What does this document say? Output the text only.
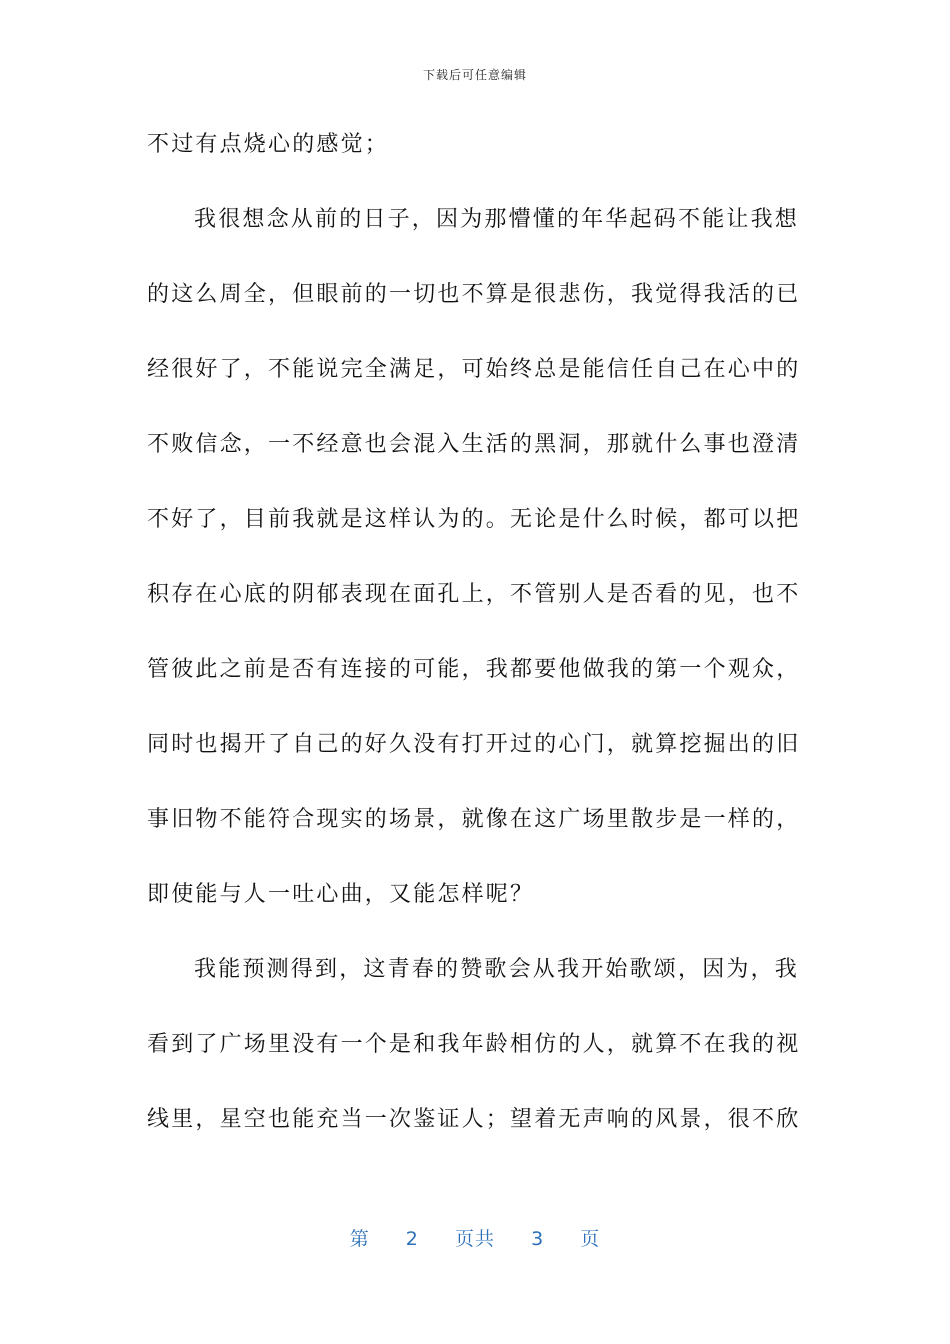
下载后可任意编辑
不过有点烧心的感觉；
我很想念从前的日子，因为那懵懂的年华起码不能让我想
的这么周全，但眼前的一切也不算是很悲伤，我觉得我活的已
经很好了，不能说完全满足，可始终总是能信任自己在心中的
不败信念，一不经意也会混入生活的黑洞，那就什么事也澄清
不好了，目前我就是这样认为的。无论是什么时候，都可以把
积存在心底的阴郁表现在面孔上，不管别人是否看的见，也不
管彼此之前是否有连接的可能，我都要他做我的第一个观众，
同时也揭开了自己的好久没有打开过的心门，就算挖掘出的旧
事旧物不能符合现实的场景，就像在这广场里散步是一样的，
即使能与人一吐心曲，又能怎样呢？
我能预测得到，这青春的赞歌会从我开始歌颂，因为，我
看到了广场里没有一个是和我年龄相仿的人，就算不在我的视
线里，星空也能充当一次鉴证人；望着无声响的风景，很不欣
第 2 页共 3 页
